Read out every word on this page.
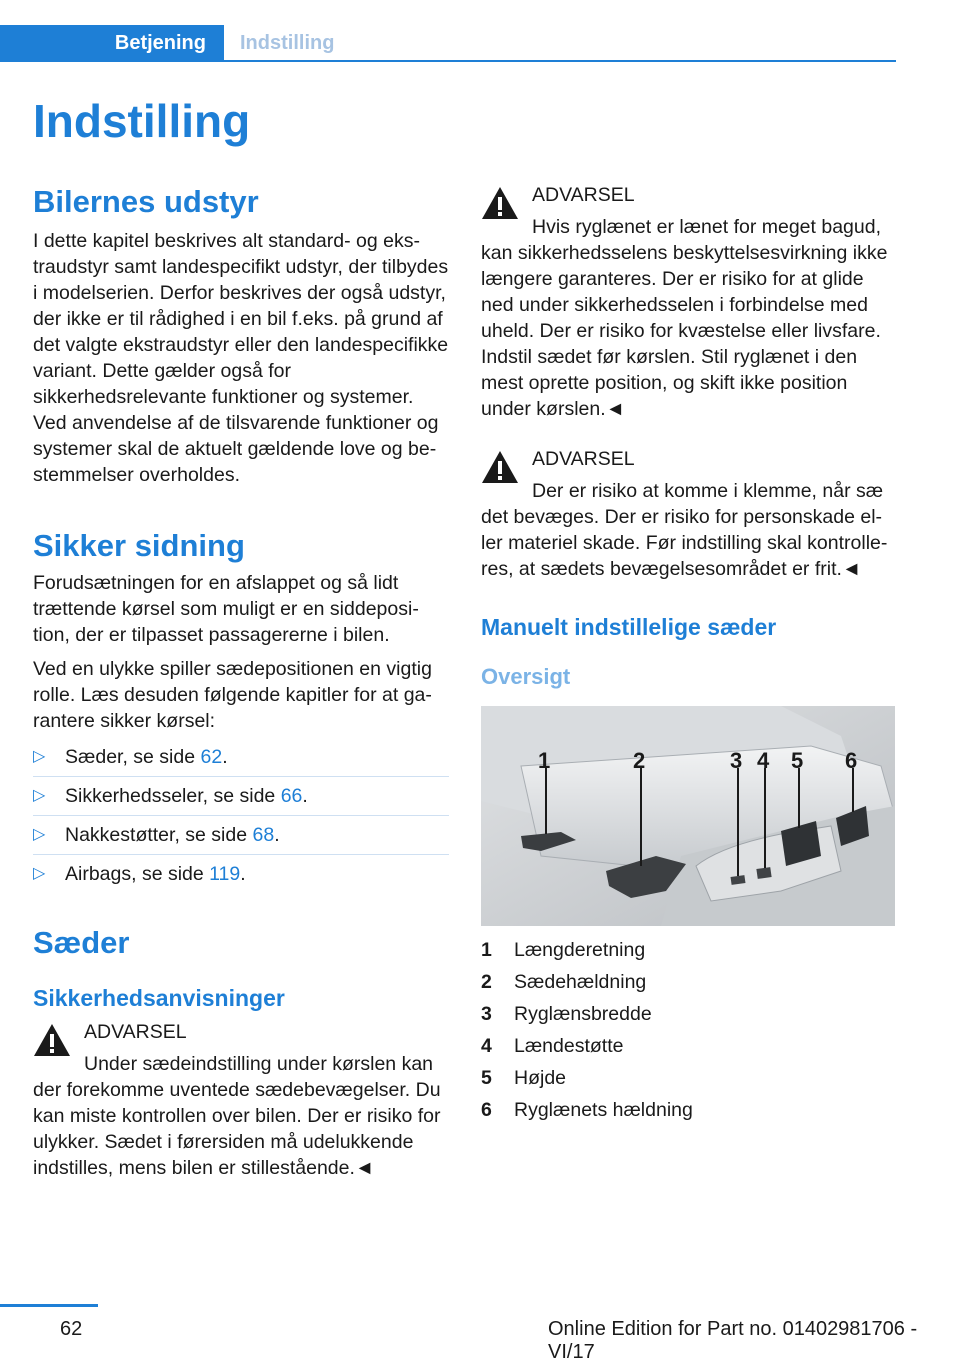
Betjening	Indstilling
Indstilling
Bilernes udstyr

I dette kapitel beskrives alt standard- og ekstraudstyr samt landespecifikt udstyr, der tilbydes i modelserien. Derfor beskrives der også udstyr, der ikke er til rådighed i en bil f.eks. på grund af det valgte ekstraudstyr eller den landespecifikke variant. Dette gælder også for sikkerhedsrelevante funktioner og systemer. Ved anvendelse af de tilsvarende funktioner og systemer skal de aktuelt gældende love og bestemmelser overholdes.

Sikker sidning

Forudsætningen for en afslappet og så lidt trættende kørsel som muligt er en siddeposition, der er tilpasset passagererne i bilen.

Ved en ulykke spiller sædepositionen en vigtig rolle. Læs desuden følgende kapitler for at garantere sikker kørsel:

▷ Sæder, se side 62.
▷ Sikkerhedsseler, se side 66.
▷ Nakkestøtter, se side 68.
▷ Airbags, se side 119.
Sæder
Sikkerhedsanvisninger
ADVARSEL
Under sædeindstilling under kørslen kan
der forekomme uventede sædebevægelser. Du kan miste kontrollen over bilen. Der er risiko for ulykker. Sædet i førersiden må udelukkende indstilles, mens bilen er stillestående.◄
ADVARSEL
Hvis ryglænet er lænet for meget bagud,
kan sikkerhedsselens beskyttelsesvirkning ikke længere garanteres. Der er risiko for at glide ned under sikkerhedsselen i forbindelse med uheld. Der er risiko for kvæstelse eller livsfare. Indstil sædet før kørslen. Stil ryglænet i den mest oprette position, og skift ikke position under kørslen.◄
ADVARSEL
Der er risiko at komme i klemme, når sæ
det bevæges. Der er risiko for personskade eller materiel skade. Før indstilling skal kontrolleres, at sædets bevægelsesområdet er frit.◄
Manuelt indstillelige sæder
Oversigt
1	2	3 4 5 6
1	Længderetning
2	Sædehældning
3	Ryglænsbredde
4	Lændestøtte
5	Højde
6	Ryglænets hældning
62	Online Edition for Part no. 01402981706 - VI/17
